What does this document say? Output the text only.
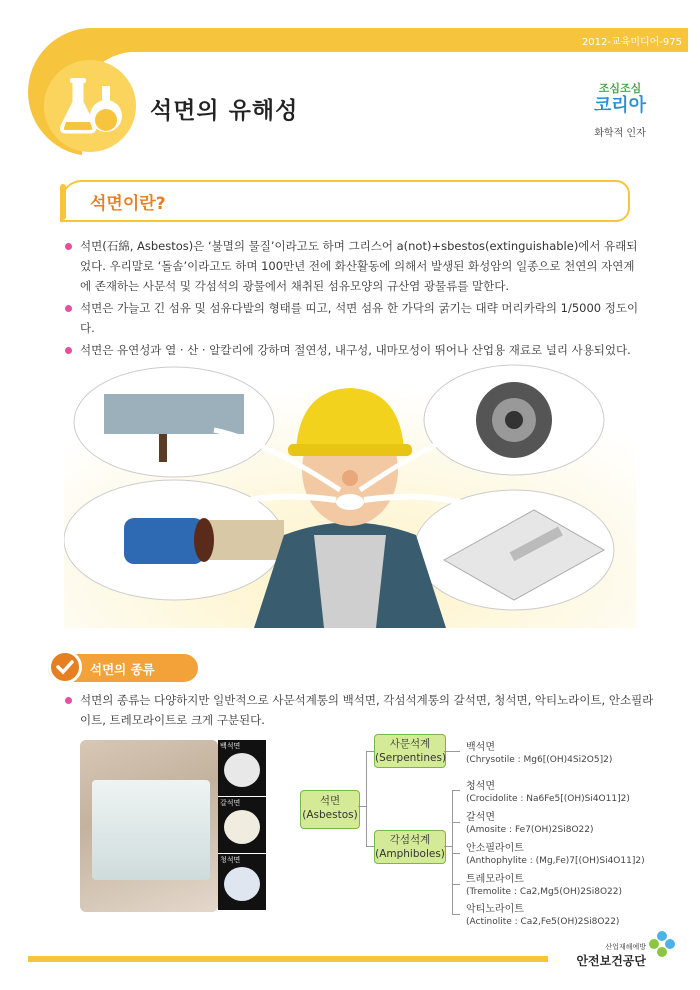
2012-교육미디어-975
석면의 유해성
조심조심
코리아
화학적 인자
석면이란?
석면(石綿, Asbestos)은 ‘불멸의 물질’이라고도 하며 그리스어 a(not)+sbestos(extinguishable)에서 유래되었다. 우리말로 ‘돌솜’이라고도 하며 100만년 전에 화산활동에 의해서 발생된 화성암의 일종으로 천연의 자연계에 존재하는 사문석 및 각섬석의 광물에서 채취된 섬유모양의 규산염 광물류를 말한다.
석면은 가늘고 긴 섬유 및 섬유다발의 형태를 띠고, 석면 섬유 한 가닥의 굵기는 대략 머리카락의 1/5000 정도이다.
석면은 유연성과 열 · 산 · 알칼리에 강하며 절연성, 내구성, 내마모성이 뛰어나 산업용 재료로 널리 사용되었다.
석면의 종류
석면의 종류는 다양하지만 일반적으로 사문석계통의 백석면, 각섬석계통의 갈석면, 청석면, 악티노라이트, 안소필라이트, 트레모라이트로 크게 구분된다.
백석면
갈석면
청석면
석면
(Asbestos)
사문석계
(Serpentines)
각섬석계
(Amphiboles)
백석면
(Chrysotile : Mg6[(OH)4Si2O5]2)
청석면
(Crocidolite : Na6Fe5[(OH)Si4O11]2)
갈석면
(Amosite : Fe7(OH)2Si8O22)
안소필라이트
(Anthophylite : (Mg,Fe)7[(OH)Si4O11]2)
트레모라이트
(Tremolite : Ca2,Mg5(OH)2Si8O22)
악티노라이트
(Actinolite : Ca2,Fe5(OH)2Si8O22)
산업재해예방
안전보건공단
